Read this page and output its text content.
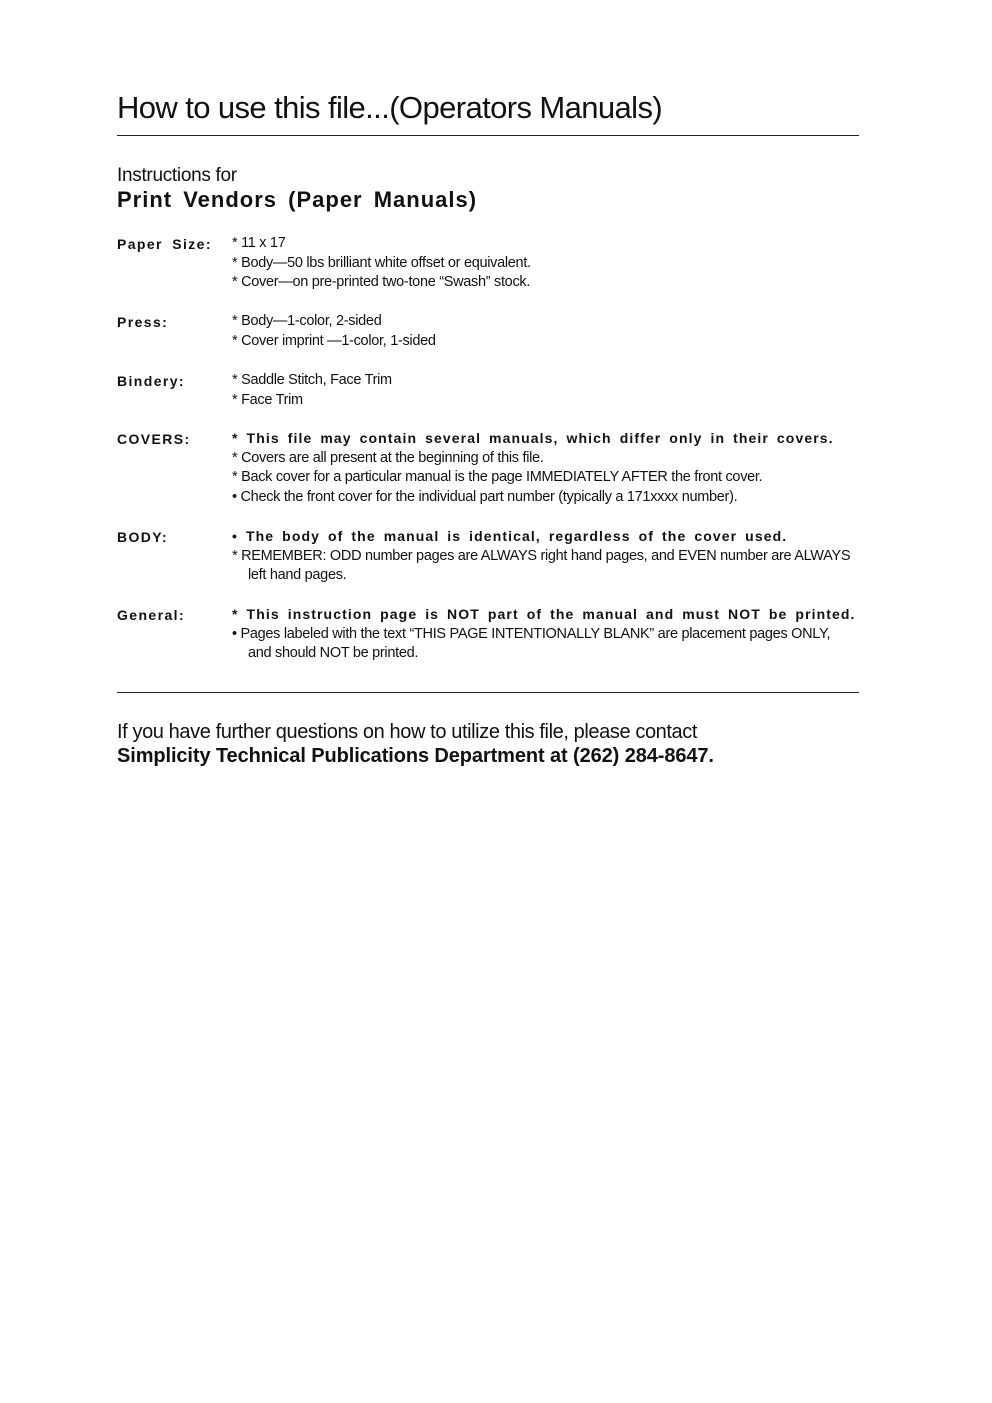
How to use this file...(Operators Manuals)
Instructions for
Print Vendors (Paper Manuals)
Paper Size: * 11 x 17
* Body—50 lbs brilliant white offset or equivalent.
* Cover—on pre-printed two-tone “Swash” stock.
Press:	* Body—1-color, 2-sided
* Cover imprint —1-color, 1-sided
Bindery:	* Saddle Stitch, Face Trim
* Face Trim
COVERS:	* This file may contain several manuals, which differ only in their covers.
* Covers are all present at the beginning of this file.
* Back cover for a particular manual is the page IMMEDIATELY AFTER the front cover.
• Check the front cover for the individual part number (typically a 171xxxx number).
BODY:	• The body of the manual is identical, regardless of the cover used.
* REMEMBER: ODD number pages are ALWAYS right hand pages, and EVEN number are ALWAYS
left hand pages.
General:	* This instruction page is NOT part of the manual and must NOT be printed.
• Pages labeled with the text “THIS PAGE INTENTIONALLY BLANK” are placement pages ONLY,
and should NOT be printed.
If you have further questions on how to utilize this file, please contact
Simplicity Technical Publications Department at (262) 284-8647.
